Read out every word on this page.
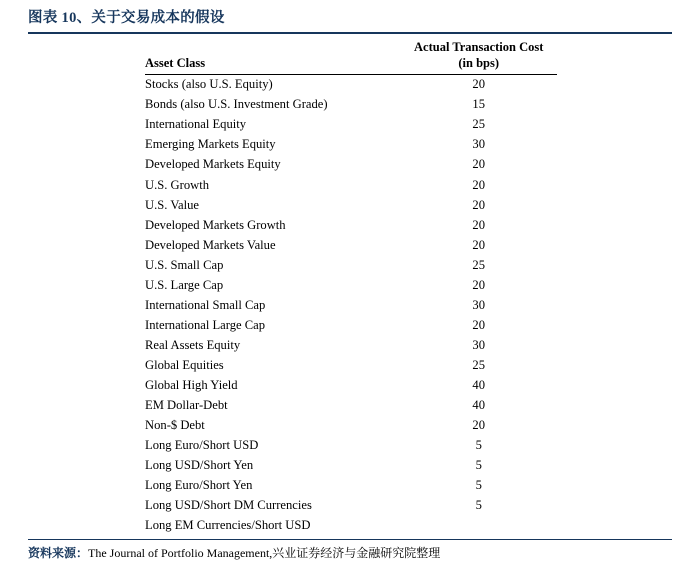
图表 10、关于交易成本的假设
Asset Class	Actual Transaction Cost
(in bps)

Stocks (also U.S. Equity)	20
Bonds (also U.S. Investment Grade)	15
International Equity	25
Emerging Markets Equity	30
Developed Markets Equity	20
U.S. Growth	20
U.S. Value	20
Developed Markets Growth	20
Developed Markets Value	20
U.S. Small Cap	25
U.S. Large Cap	20
International Small Cap	30
International Large Cap	20
Real Assets Equity	30
Global Equities	25
Global High Yield	40
EM Dollar-Debt	40
Non-$ Debt	20
Long Euro/Short USD	5
Long USD/Short Yen	5
Long Euro/Short Yen	5
Long USD/Short DM Currencies	5
Long EM Currencies/Short USD	
资料来源：The Journal of Portfolio Management,兴业证券经济与金融研究院整理
